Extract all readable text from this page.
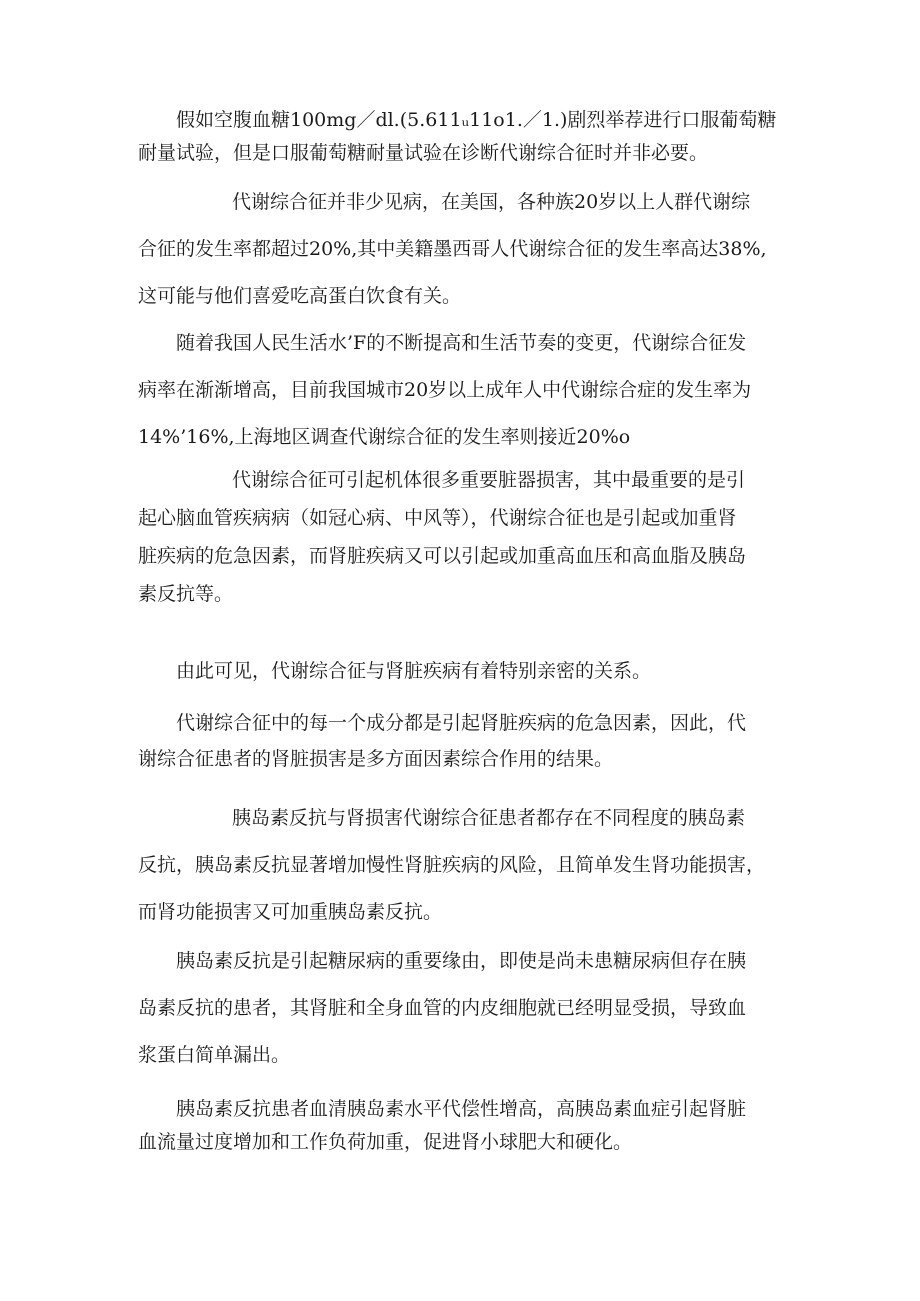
假如空腹血糖100mg／dl.(5.611ᵤ11o1.／1.)剧烈举荐进行口服葡萄糖
耐量试验，但是口服葡萄糖耐量试验在诊断代谢综合征时并非必要。
代谢综合征并非少见病，在美国，各种族20岁以上人群代谢综
合征的发生率都超过20%,其中美籍墨西哥人代谢综合征的发生率高达38%,
这可能与他们喜爱吃高蛋白饮食有关。
随着我国人民生活水’F的不断提高和生活节奏的变更，代谢综合征发
病率在渐渐增高，目前我国城市20岁以上成年人中代谢综合症的发生率为
14%’16%,上海地区调查代谢综合征的发生率则接近20%o
代谢综合征可引起机体很多重要脏器损害，其中最重要的是引
起心脑血管疾病病（如冠心病、中风等），代谢综合征也是引起或加重肾
脏疾病的危急因素，而肾脏疾病又可以引起或加重高血压和高血脂及胰岛
素反抗等。
由此可见，代谢综合征与肾脏疾病有着特别亲密的关系。
代谢综合征中的每一个成分都是引起肾脏疾病的危急因素，因此，代
谢综合征患者的肾脏损害是多方面因素综合作用的结果。
胰岛素反抗与肾损害代谢综合征患者都存在不同程度的胰岛素
反抗，胰岛素反抗显著增加慢性肾脏疾病的风险，且简单发生肾功能损害，
而肾功能损害又可加重胰岛素反抗。
胰岛素反抗是引起糖尿病的重要缘由，即使是尚未患糖尿病但存在胰
岛素反抗的患者，其肾脏和全身血管的内皮细胞就已经明显受损，导致血
浆蛋白简单漏出。
胰岛素反抗患者血清胰岛素水平代偿性增高，高胰岛素血症引起肾脏
血流量过度增加和工作负荷加重，促进肾小球肥大和硬化。
